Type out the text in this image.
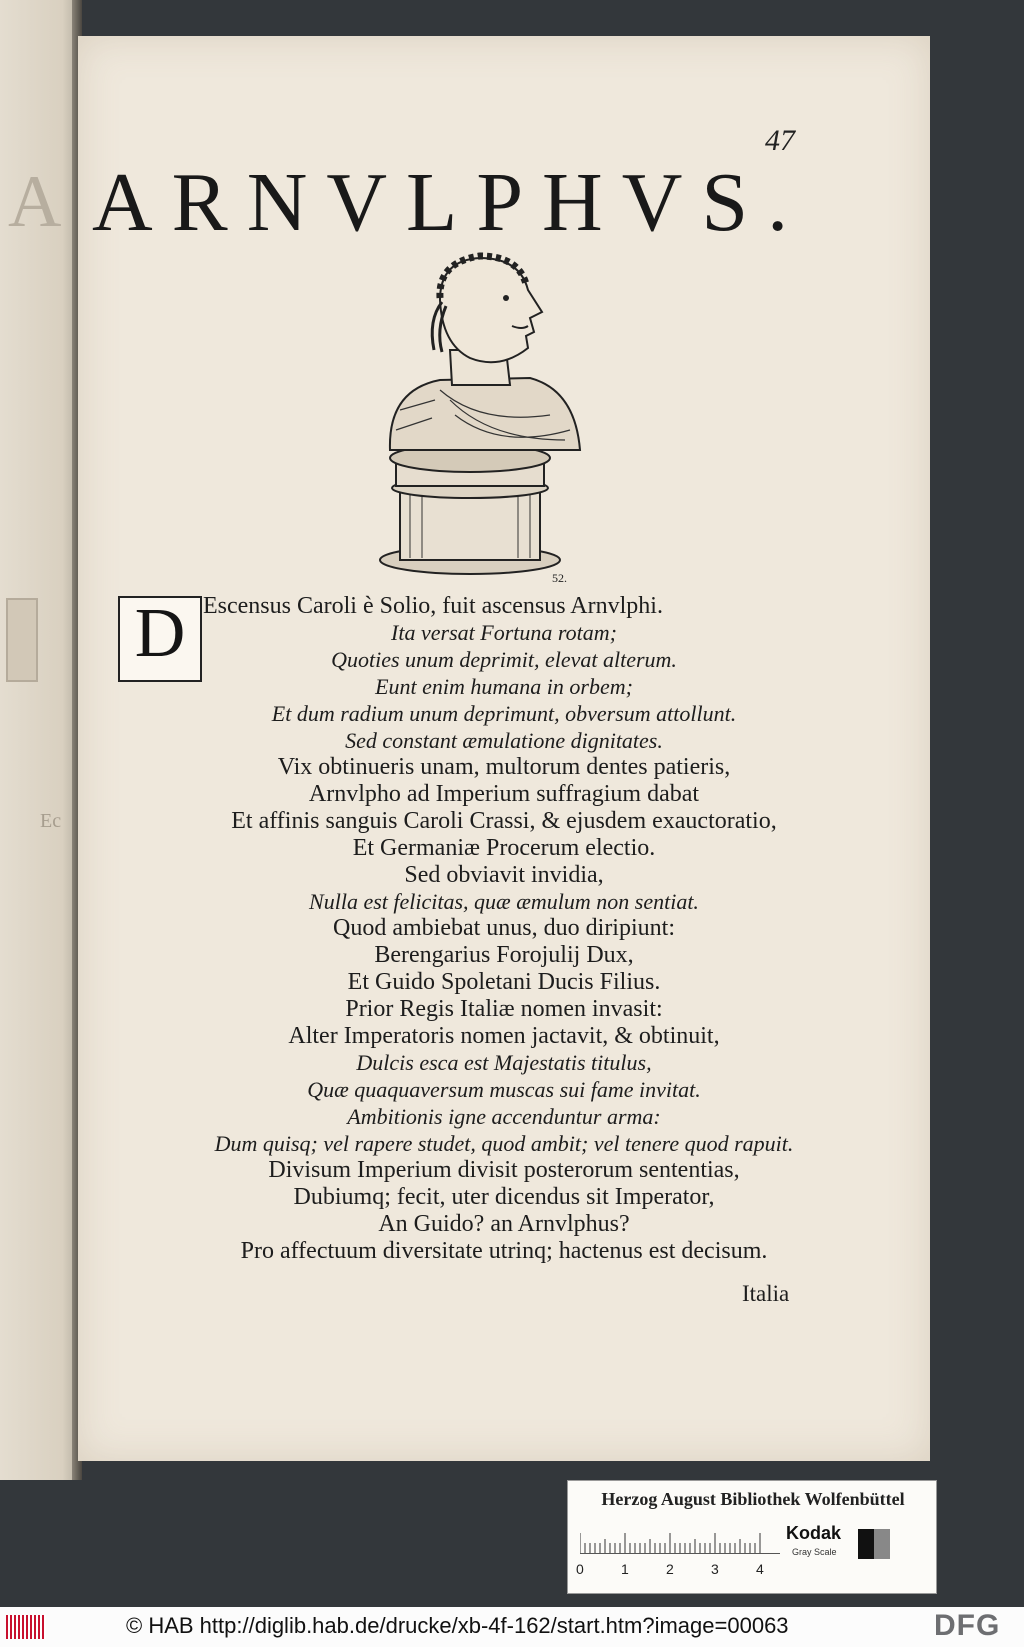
A
Ec
47
ARNVLPHVS.
52.
D Escensus Caroli è Solio, fuit ascensus Arnvlphi.
Ita versat Fortuna rotam;
Quoties unum deprimit, elevat alterum.
Eunt enim humana in orbem;
Et dum radium unum deprimunt, obversum attollunt.
Sed constant æmulatione dignitates.
Vix obtinueris unam, multorum dentes patieris,
Arnvlpho ad Imperium suffragium dabat
Et affinis sanguis Caroli Crassi, & ejusdem exauctoratio,
Et Germaniæ Procerum electio.
Sed obviavit invidia,
Nulla est felicitas, quæ æmulum non sentiat.
Quod ambiebat unus, duo diripiunt:
Berengarius Forojulij Dux,
Et Guido Spoletani Ducis Filius.
Prior Regis Italiæ nomen invasit:
Alter Imperatoris nomen jactavit, & obtinuit,
Dulcis esca est Majestatis titulus,
Quæ quaquaversum muscas sui fame invitat.
Ambitionis igne accenduntur arma:
Dum quisq; vel rapere studet, quod ambit; vel tenere quod rapuit.
Divisum Imperium divisit posterorum sententias,
Dubiumq; fecit, uter dicendus sit Imperator,
An Guido? an Arnvlphus?
Pro affectuum diversitate utrinq; hactenus est decisum.
Italia
Herzog August Bibliothek Wolfenbüttel
0	1	2	3	4
Kodak
Gray Scale
© HAB http://diglib.hab.de/drucke/xb-4f-162/start.htm?image=00063	DFG
